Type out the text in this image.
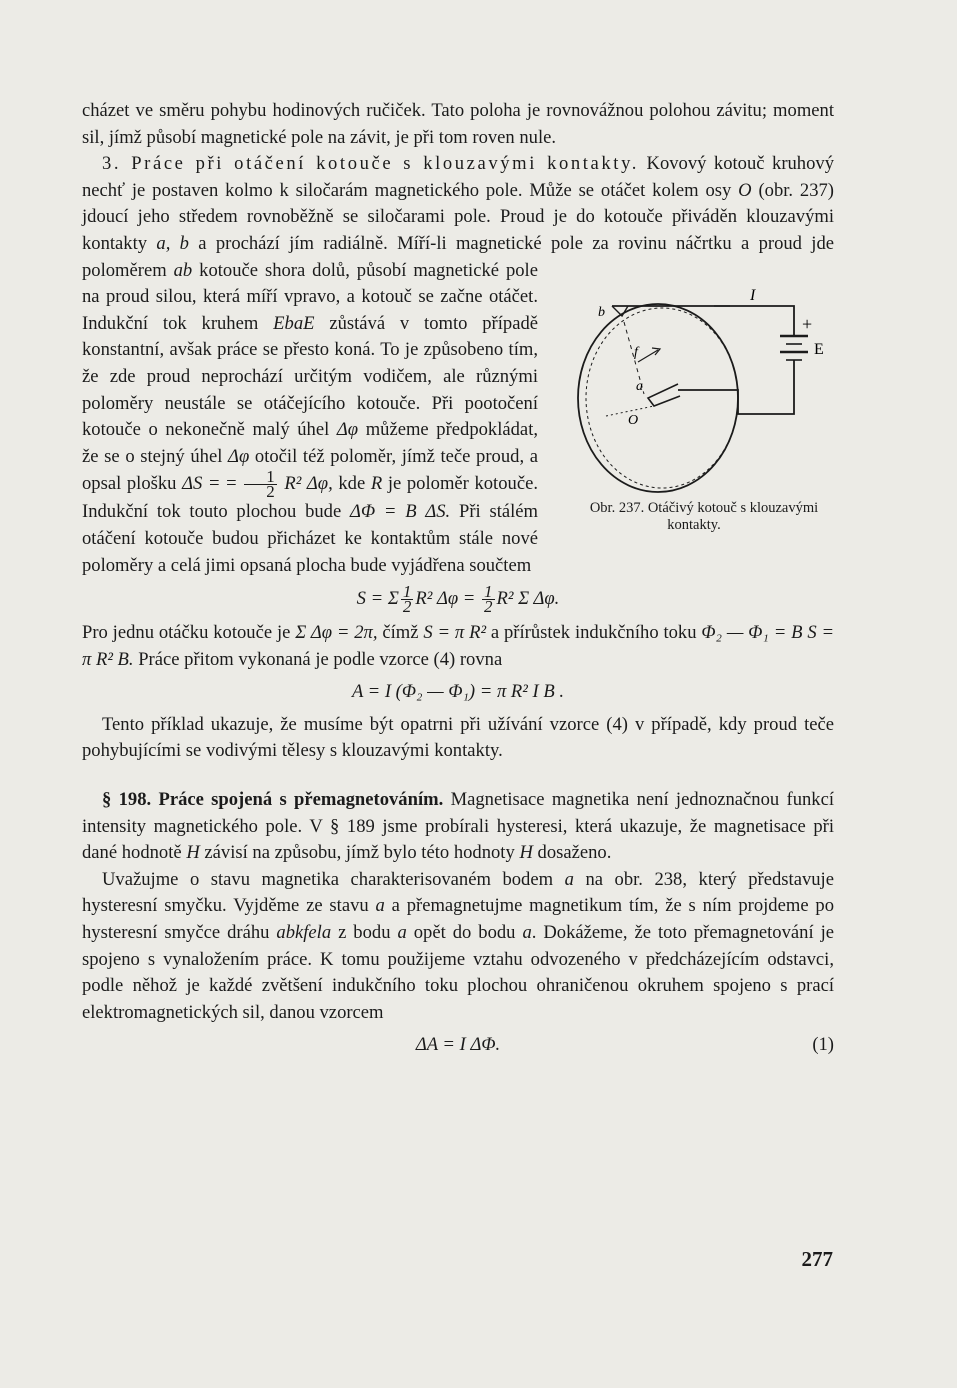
cházet ve směru pohybu hodinových ručiček. Tato poloha je rovnovážnou polohou závitu; moment sil, jímž působí magnetické pole na závit, je při tom roven nule.

3. Práce při otáčení kotouče s klouzavými kontakty. Kovový kotouč kruhový nechť je postaven kolmo k siločarám magnetického pole. Může se otáčet kolem osy O (obr. 237) jdoucí jeho středem rovnoběžně se siločarami pole. Proud je do kotouče přiváděn klouzavými kontakty a, b a prochází jím radiálně. Míří-li magnetické pole za rovinu náčrtku a proud jde poloměrem
I
b
+
E
f
a
O
Obr. 237. Otáčivý kotouč s klouzavými kontakty.
ab kotouče shora dolů, působí magnetické pole na proud silou, která míří vpravo, a kotouč se začne otáčet. Indukční tok kruhem EbaE zůstává v tomto případě konstantní, avšak práce se přesto koná. To je způsobeno tím, že zde proud neprochází určitým vodičem, ale různými poloměry neustále se otáčejícího kotouče. Při pootočení kotouče o nekonečně malý úhel Δφ můžeme předpokládat, že se o stejný úhel Δφ otočil též poloměr, jímž teče proud, a opsal plošku ΔS = = $\frac{1}{2} R^2$ Δφ, kde R je poloměr kotouče. Indukční tok touto plochou bude ΔΦ = B ΔS. Při stálém otáčení kotouče budou přicházet ke kontaktům stále nové poloměry a celá jimi opsaná plocha bude vyjádřena součtem

S = Σ $\frac{1}{2} R^2$ $\Delta\varphi = \frac{1}{2} R^2$ Σ Δφ.

Pro jednu otáčku kotouče je Σ Δφ = 2π, čímž S = π R² a přírůstek indukčního toku Φ₂ — Φ₁ = B S = π R² B. Práce přitom vykonaná je podle vzorce (4) rovna

A = I (Φ₂ — Φ₁) = π R² I B .

Tento příklad ukazuje, že musíme být opatrni při užívání vzorce (4) v případě, kdy proud teče pohybujícími se vodivými tělesy s klouzavými kontakty.

§ 198. Práce spojená s přemagnetováním. Magnetisace magnetika není jednoznačnou funkcí intensity magnetického pole. V § 189 jsme probírali hysteresi, která ukazuje, že magnetisace při dané hodnotě H závisí na způsobu, jímž bylo této hodnoty H dosaženo.

Uvažujme o stavu magnetika charakterisovaném bodem a na obr. 238, který představuje hysteresní smyčku. Vyjděme ze stavu a a přemagnetujme magnetikum tím, že s ním projdeme po hysteresní smyčce dráhu abkfela z bodu a opět do bodu a. Dokážeme, že toto přemagnetování je spojeno s vynaložením práce. K tomu použijeme vztahu odvozeného v předcházejícím odstavci, podle něhož je každé zvětšení indukčního toku plochou ohraničenou okruhem spojeno s prací elektromagnetických sil, danou vzorcem

ΔA = I ΔΦ.	(1)
277
